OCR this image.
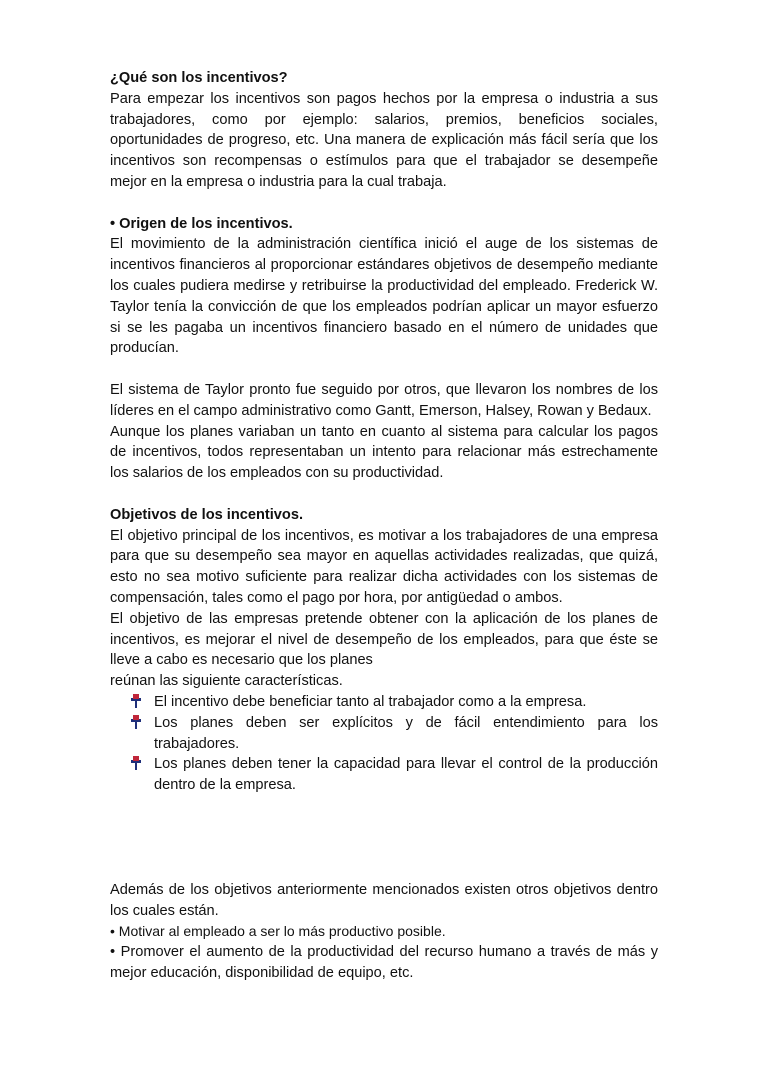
¿Qué son los incentivos?

Para empezar los incentivos son pagos hechos por la empresa o industria a sus trabajadores, como por ejemplo: salarios, premios, beneficios sociales, oportunidades de progreso, etc. Una manera de explicación más fácil sería que los incentivos son recompensas o estímulos para que el trabajador se desempeñe mejor en la empresa o industria para la cual trabaja.

• Origen de los incentivos.

El movimiento de la administración científica inició el auge de los sistemas de incentivos financieros al proporcionar estándares objetivos de desempeño mediante los cuales pudiera medirse y retribuirse la productividad del empleado. Frederick W. Taylor tenía la convicción de que los empleados podrían aplicar un mayor esfuerzo si se les pagaba un incentivos financiero basado en el número de unidades que producían.

El sistema de Taylor pronto fue seguido por otros, que llevaron los nombres de los líderes en el campo administrativo como Gantt, Emerson, Halsey, Rowan y Bedaux.

Aunque los planes variaban un tanto en cuanto al sistema para calcular los pagos de incentivos, todos representaban un intento para relacionar más estrechamente los salarios de los empleados con su productividad.

Objetivos de los incentivos.

El objetivo principal de los incentivos, es motivar a los trabajadores de una empresa para que su desempeño sea mayor en aquellas actividades realizadas, que quizá, esto no sea motivo suficiente para realizar dicha actividades con los sistemas de compensación, tales como el pago por hora, por antigüedad o ambos.

El objetivo de las empresas pretende obtener con la aplicación de los planes de incentivos, es mejorar el nivel de desempeño de los empleados, para que éste se lleve a cabo es necesario que los planes

reúnan las siguiente características.

El incentivo debe beneficiar tanto al trabajador como a la empresa.
Los planes deben ser explícitos y de fácil entendimiento para los trabajadores.
Los planes deben tener la capacidad para llevar el control de la producción dentro de la empresa.

Además de los objetivos anteriormente mencionados existen otros objetivos dentro los cuales están.

• Motivar al empleado a ser lo más productivo posible.

• Promover el aumento de la productividad del recurso humano a través de más y mejor educación, disponibilidad de equipo, etc.
